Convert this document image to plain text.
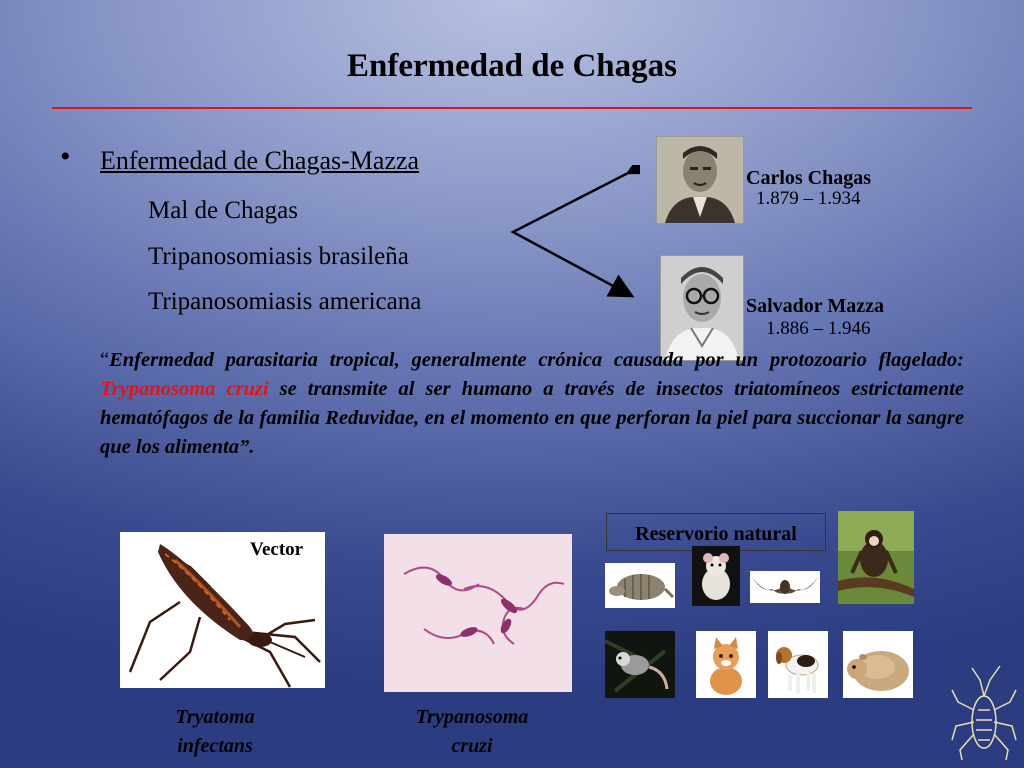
Enfermedad de Chagas
• Enfermedad de Chagas-Mazza
Mal de Chagas
Tripanosomiasis brasileña
Tripanosomiasis americana
Carlos Chagas
1.879 – 1.934
Salvador Mazza
1.886 – 1.946
“Enfermedad parasitaria tropical, generalmente crónica causada por un protozoario flagelado: Trypanosoma cruzi se transmite al ser humano a través de insectos triatomíneos estrictamente hematófagos de la familia Reduvidae, en el momento en que perforan la piel para succionar la sangre que los alimenta”.
Vector
Tryatoma
infectans
Trypanosoma
cruzi
Reservorio natural
